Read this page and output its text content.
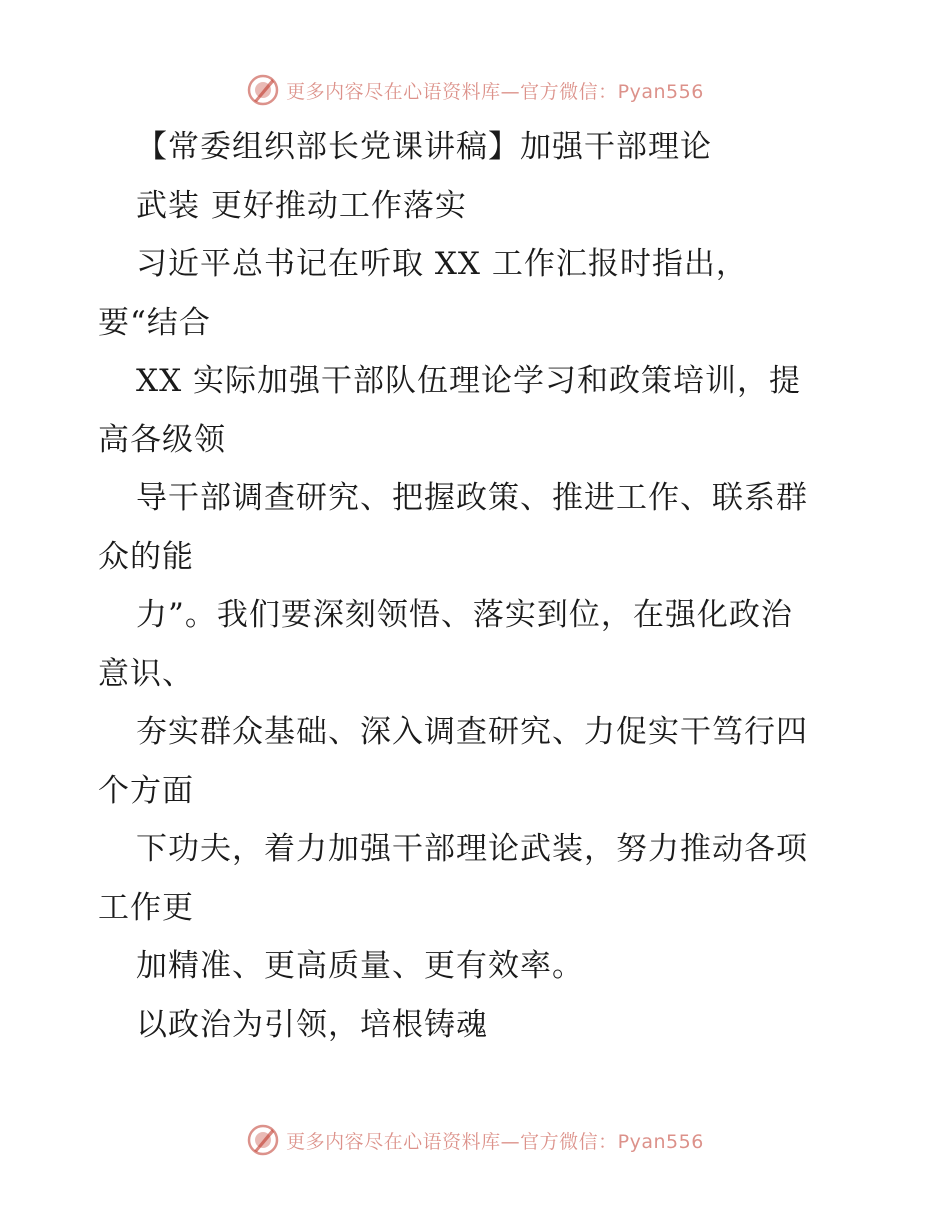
更多内容尽在心语资料库—官方微信：Pyan556
【常委组织部长党课讲稿】加强干部理论
武装 更好推动工作落实
习近平总书记在听取 XX 工作汇报时指出，
要“结合
XX 实际加强干部队伍理论学习和政策培训，提
高各级领
导干部调查研究、把握政策、推进工作、联系群
众的能
力”。我们要深刻领悟、落实到位，在强化政治
意识、
夯实群众基础、深入调查研究、力促实干笃行四
个方面
下功夫，着力加强干部理论武装，努力推动各项
工作更
加精准、更高质量、更有效率。
以政治为引领，培根铸魂
更多内容尽在心语资料库—官方微信：Pyan556
